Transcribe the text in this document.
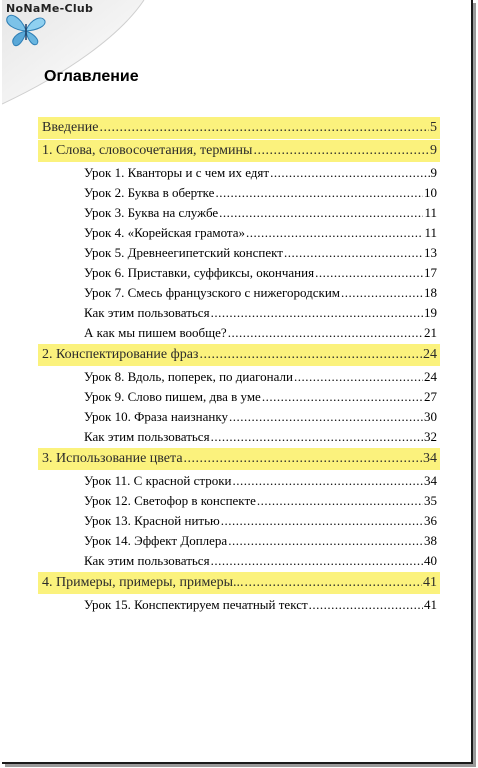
NoNaMe-Club
Оглавление
Введение .....	5
1. Слова, словосочетания, термины .....	9
Урок 1. Кванторы и с чем их едят .....	9
Урок 2. Буква в обертке .....	10
Урок 3. Буква на службе .....	11
Урок 4. «Корейская грамота» .....	11
Урок 5. Древнеегипетский конспект .....	13
Урок 6. Приставки, суффиксы, окончания .....	17
Урок 7. Смесь французского с нижегородским .....	18
Как этим пользоваться .....	19
А как мы пишем вообще? .....	21
2. Конспектирование фраз .....	24
Урок 8. Вдоль, поперек, по диагонали .....	24
Урок 9. Слово пишем, два в уме .....	27
Урок 10. Фраза наизнанку .....	30
Как этим пользоваться .....	32
3. Использование цвета .....	34
Урок 11. С красной строки .....	34
Урок 12. Светофор в конспекте .....	35
Урок 13. Красной нитью .....	36
Урок 14. Эффект Доплера .....	38
Как этим пользоваться .....	40
4. Примеры, примеры, примеры... .....	41
Урок 15. Конспектируем печатный текст .....	41
